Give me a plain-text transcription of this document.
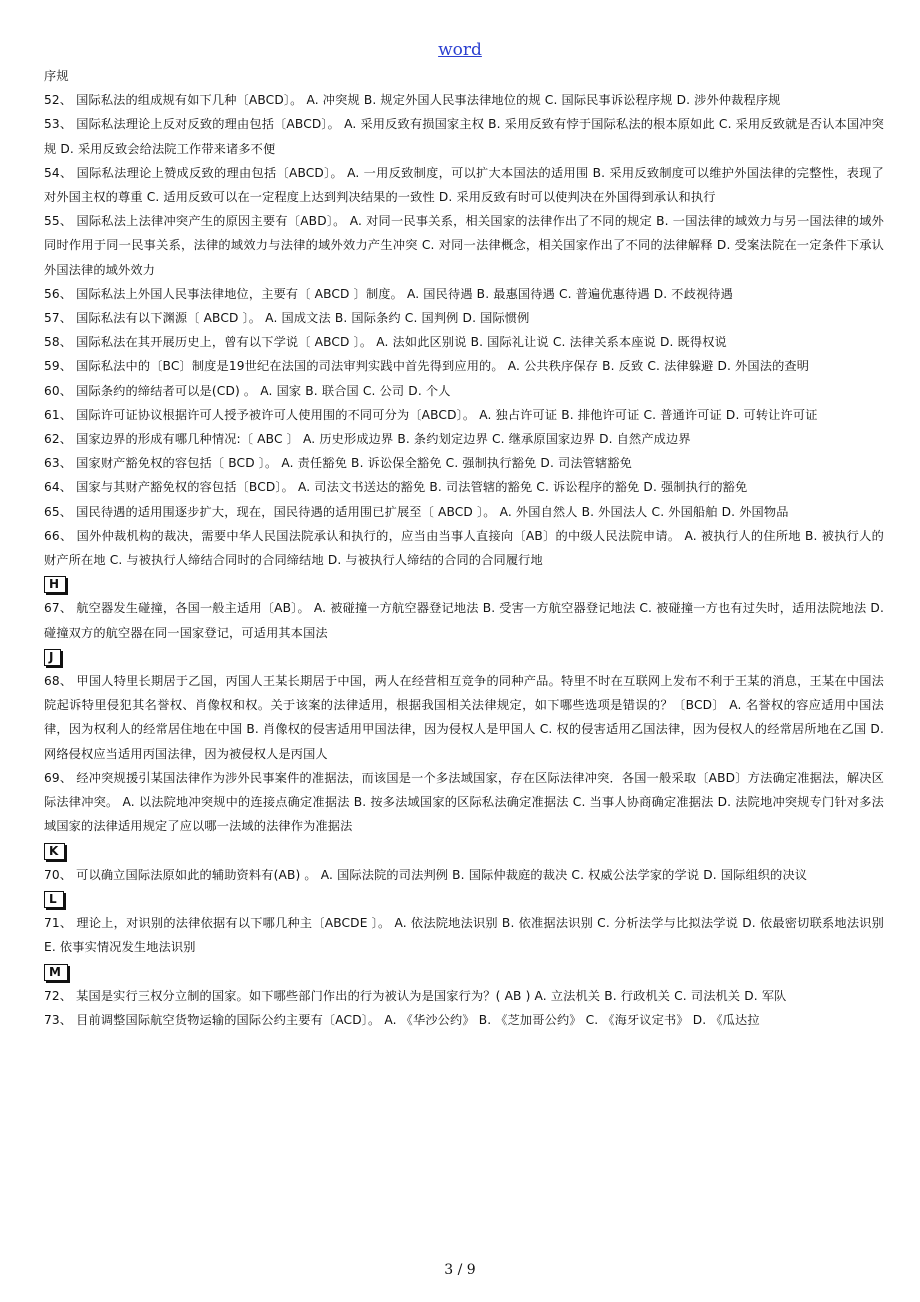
word

序规

52、 国际私法的组成规有如下几种〔ABCD〕。 A. 冲突规 B. 规定外国人民事法律地位的规 C. 国际民事诉讼程序规 D. 涉外仲裁程序规

53、 国际私法理论上反对反致的理由包括〔ABCD〕。 A. 采用反致有损国家主权 B. 采用反致有悖于国际私法的根本原如此 C. 采用反致就是否认本国冲突规 D. 采用反致会给法院工作带来诸多不便

54、 国际私法理论上赞成反致的理由包括〔ABCD〕。 A. 一用反致制度，可以扩大本国法的适用围 B. 采用反致制度可以维护外国法律的完整性，表现了对外国主权的尊重 C. 适用反致可以在一定程度上达到判决结果的一致性 D. 采用反致有时可以使判决在外国得到承认和执行

55、 国际私法上法律冲突产生的原因主要有〔ABD〕。 A. 对同一民事关系，相关国家的法律作出了不同的规定 B. 一国法律的域效力与另一国法律的域外同时作用于同一民事关系，法律的域效力与法律的域外效力产生冲突 C. 对同一法律概念，相关国家作出了不同的法律解释 D. 受案法院在一定条件下承认外国法律的域外效力

56、 国际私法上外国人民事法律地位，主要有〔 ABCD 〕制度。 A. 国民待遇 B. 最惠国待遇 C. 普遍优惠待遇 D. 不歧视待遇

57、 国际私法有以下渊源〔 ABCD 〕。 A. 国成文法 B. 国际条约 C. 国判例 D. 国际惯例

58、 国际私法在其开展历史上，曾有以下学说〔 ABCD 〕。 A. 法如此区别说 B. 国际礼让说 C. 法律关系本座说 D. 既得权说

59、 国际私法中的〔BC〕制度是19世纪在法国的司法审判实践中首先得到应用的。 A. 公共秩序保存 B. 反致 C. 法律躲避 D. 外国法的查明

60、 国际条约的缔结者可以是(CD) 。 A. 国家 B. 联合国 C. 公司 D. 个人

61、 国际许可证协议根据许可人授予被许可人使用围的不同可分为〔ABCD〕。 A. 独占许可证 B. 排他许可证 C. 普通许可证 D. 可转让许可证

62、 国家边界的形成有哪几种情况:〔 ABC 〕 A. 历史形成边界 B. 条约划定边界 C. 继承原国家边界 D. 自然产成边界

63、 国家财产豁免权的容包括〔 BCD 〕。 A. 责任豁免 B. 诉讼保全豁免 C. 强制执行豁免 D. 司法管辖豁免

64、 国家与其财产豁免权的容包括〔BCD〕。 A. 司法文书送达的豁免 B. 司法管辖的豁免 C. 诉讼程序的豁免 D. 强制执行的豁免

65、 国民待遇的适用围逐步扩大，现在，国民待遇的适用围已扩展至〔 ABCD 〕。 A. 外国自然人 B. 外国法人 C. 外国船舶 D. 外国物品

66、 国外仲裁机构的裁决，需要中华人民国法院承认和执行的，应当由当事人直接向〔AB〕的中级人民法院申请。 A. 被执行人的住所地 B. 被执行人的财产所在地 C. 与被执行人缔结合同时的合同缔结地 D. 与被执行人缔结的合同的合同履行地

H

67、 航空器发生碰撞，各国一般主适用〔AB〕。 A. 被碰撞一方航空器登记地法 B. 受害一方航空器登记地法 C. 被碰撞一方也有过失时，适用法院地法 D. 碰撞双方的航空器在同一国家登记，可适用其本国法

J

68、 甲国人特里长期居于乙国，丙国人王某长期居于中国，两人在经营相互竞争的同种产品。特里不时在互联网上发布不利于王某的消息，王某在中国法院起诉特里侵犯其名誉权、肖像权和权。关于该案的法律适用，根据我国相关法律规定，如下哪些选项是错误的？〔BCD〕 A. 名誉权的容应适用中国法律，因为权利人的经常居住地在中国 B. 肖像权的侵害适用甲国法律，因为侵权人是甲国人 C. 权的侵害适用乙国法律，因为侵权人的经常居所地在乙国 D. 网络侵权应当适用丙国法律，因为被侵权人是丙国人

69、 经冲突规援引某国法律作为涉外民事案件的准据法，而该国是一个多法域国家，存在区际法律冲突．各国一般采取〔ABD〕方法确定准据法，解决区际法律冲突。 A. 以法院地冲突规中的连接点确定准据法 B. 按多法域国家的区际私法确定准据法 C. 当事人协商确定准据法 D. 法院地冲突规专门针对多法域国家的法律适用规定了应以哪一法域的法律作为准据法

K

70、 可以确立国际法原如此的辅助资料有(AB) 。 A. 国际法院的司法判例 B. 国际仲裁庭的裁决 C. 权威公法学家的学说 D. 国际组织的决议

L

71、 理论上，对识别的法律依据有以下哪几种主〔ABCDE 〕。 A. 依法院地法识别 B. 依准据法识别 C. 分析法学与比拟法学说 D. 依最密切联系地法识别E. 依事实情况发生地法识别

M

72、 某国是实行三权分立制的国家。如下哪些部门作出的行为被认为是国家行为？( AB ) A. 立法机关 B. 行政机关 C. 司法机关 D. 军队

73、 目前调整国际航空货物运输的国际公约主要有〔ACD〕。 A. 《华沙公约》 B. 《芝加哥公约》 C. 《海牙议定书》 D. 《瓜达拉

3 / 9
